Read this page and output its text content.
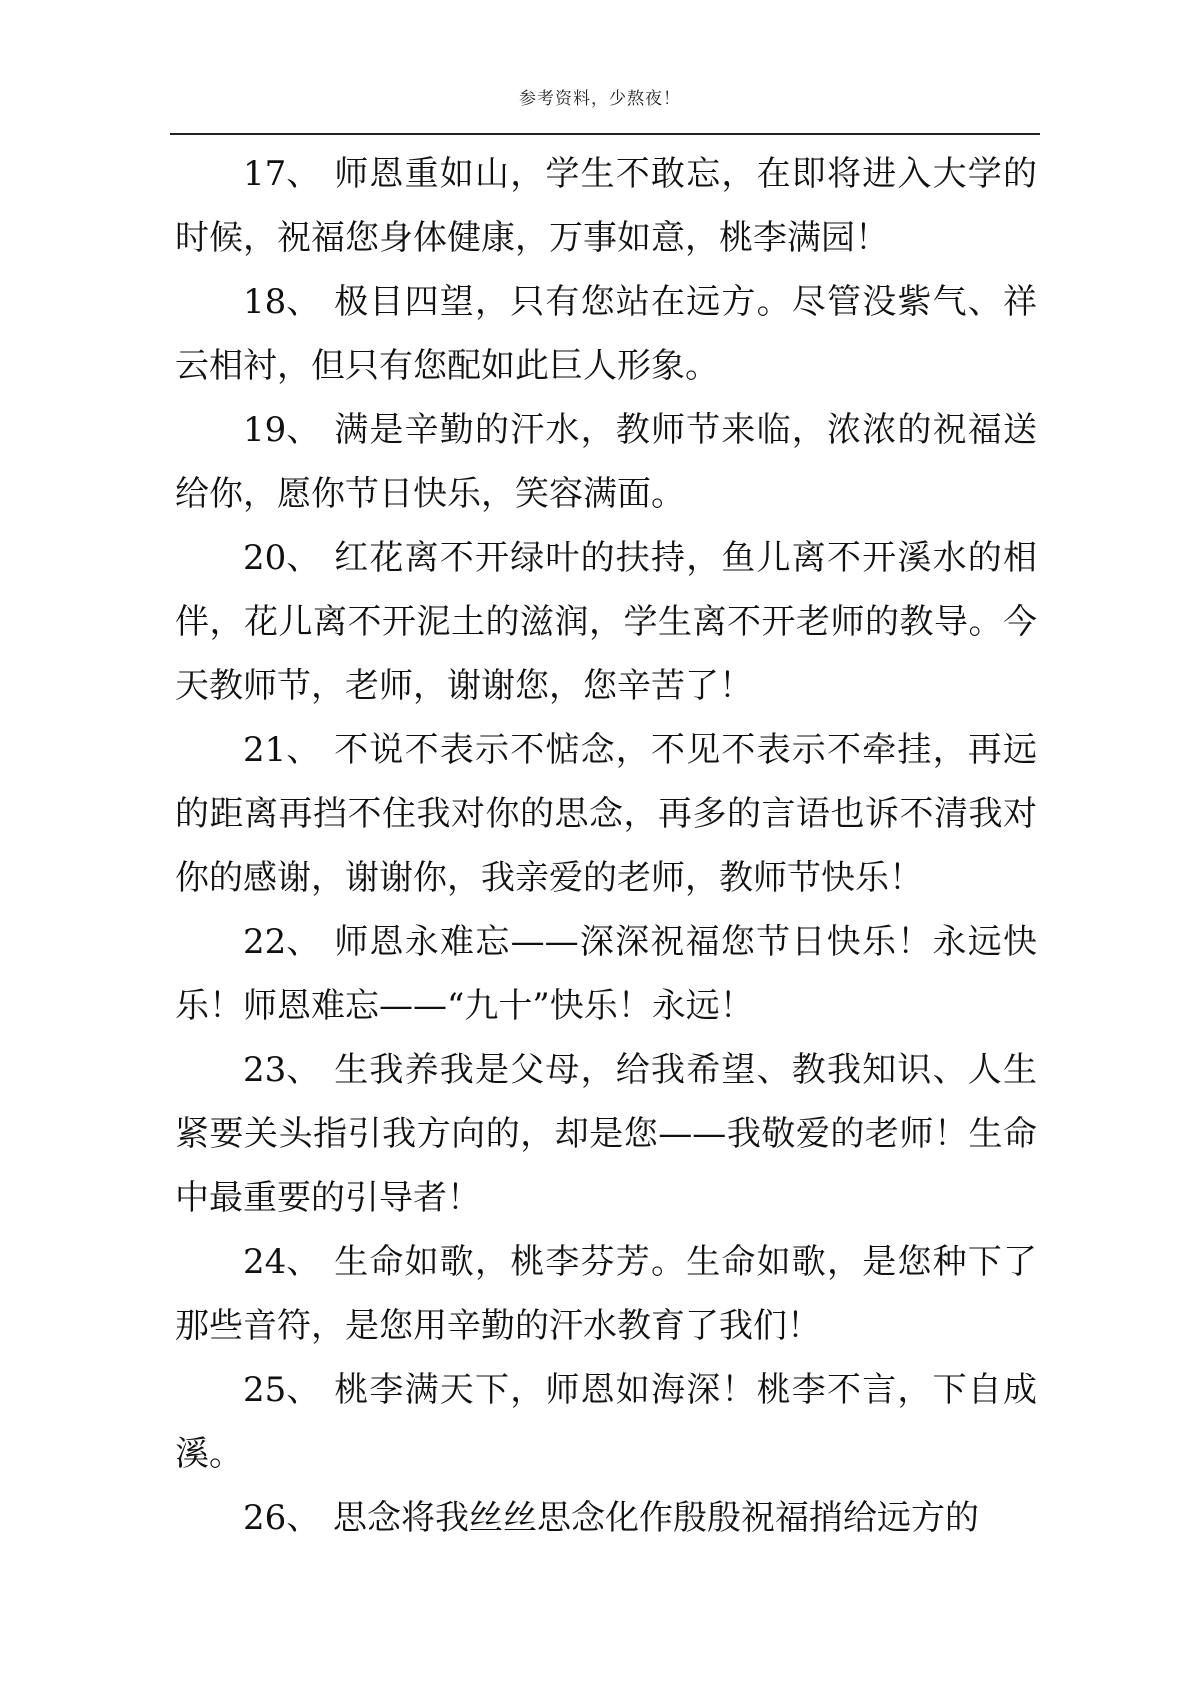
参考资料，少熬夜！

17、 师恩重如山，学生不敢忘，在即将进入大学的时候，祝福您身体健康，万事如意，桃李满园！

18、 极目四望，只有您站在远方。尽管没紫气、祥云相衬，但只有您配如此巨人形象。

19、 满是辛勤的汗水，教师节来临，浓浓的祝福送给你，愿你节日快乐，笑容满面。

20、 红花离不开绿叶的扶持，鱼儿离不开溪水的相伴，花儿离不开泥土的滋润，学生离不开老师的教导。今天教师节，老师，谢谢您，您辛苦了！

21、 不说不表示不惦念，不见不表示不牵挂，再远的距离再挡不住我对你的思念，再多的言语也诉不清我对你的感谢，谢谢你，我亲爱的老师，教师节快乐！

22、 师恩永难忘——深深祝福您节日快乐！永远快乐！师恩难忘——“九十”快乐！永远！

23、 生我养我是父母，给我希望、教我知识、人生紧要关头指引我方向的，却是您——我敬爱的老师！生命中最重要的引导者！

24、 生命如歌，桃李芬芳。生命如歌，是您种下了那些音符，是您用辛勤的汗水教育了我们！

25、 桃李满天下，师恩如海深！桃李不言，下自成溪。

26、 思念将我丝丝思念化作殷殷祝福捎给远方的
